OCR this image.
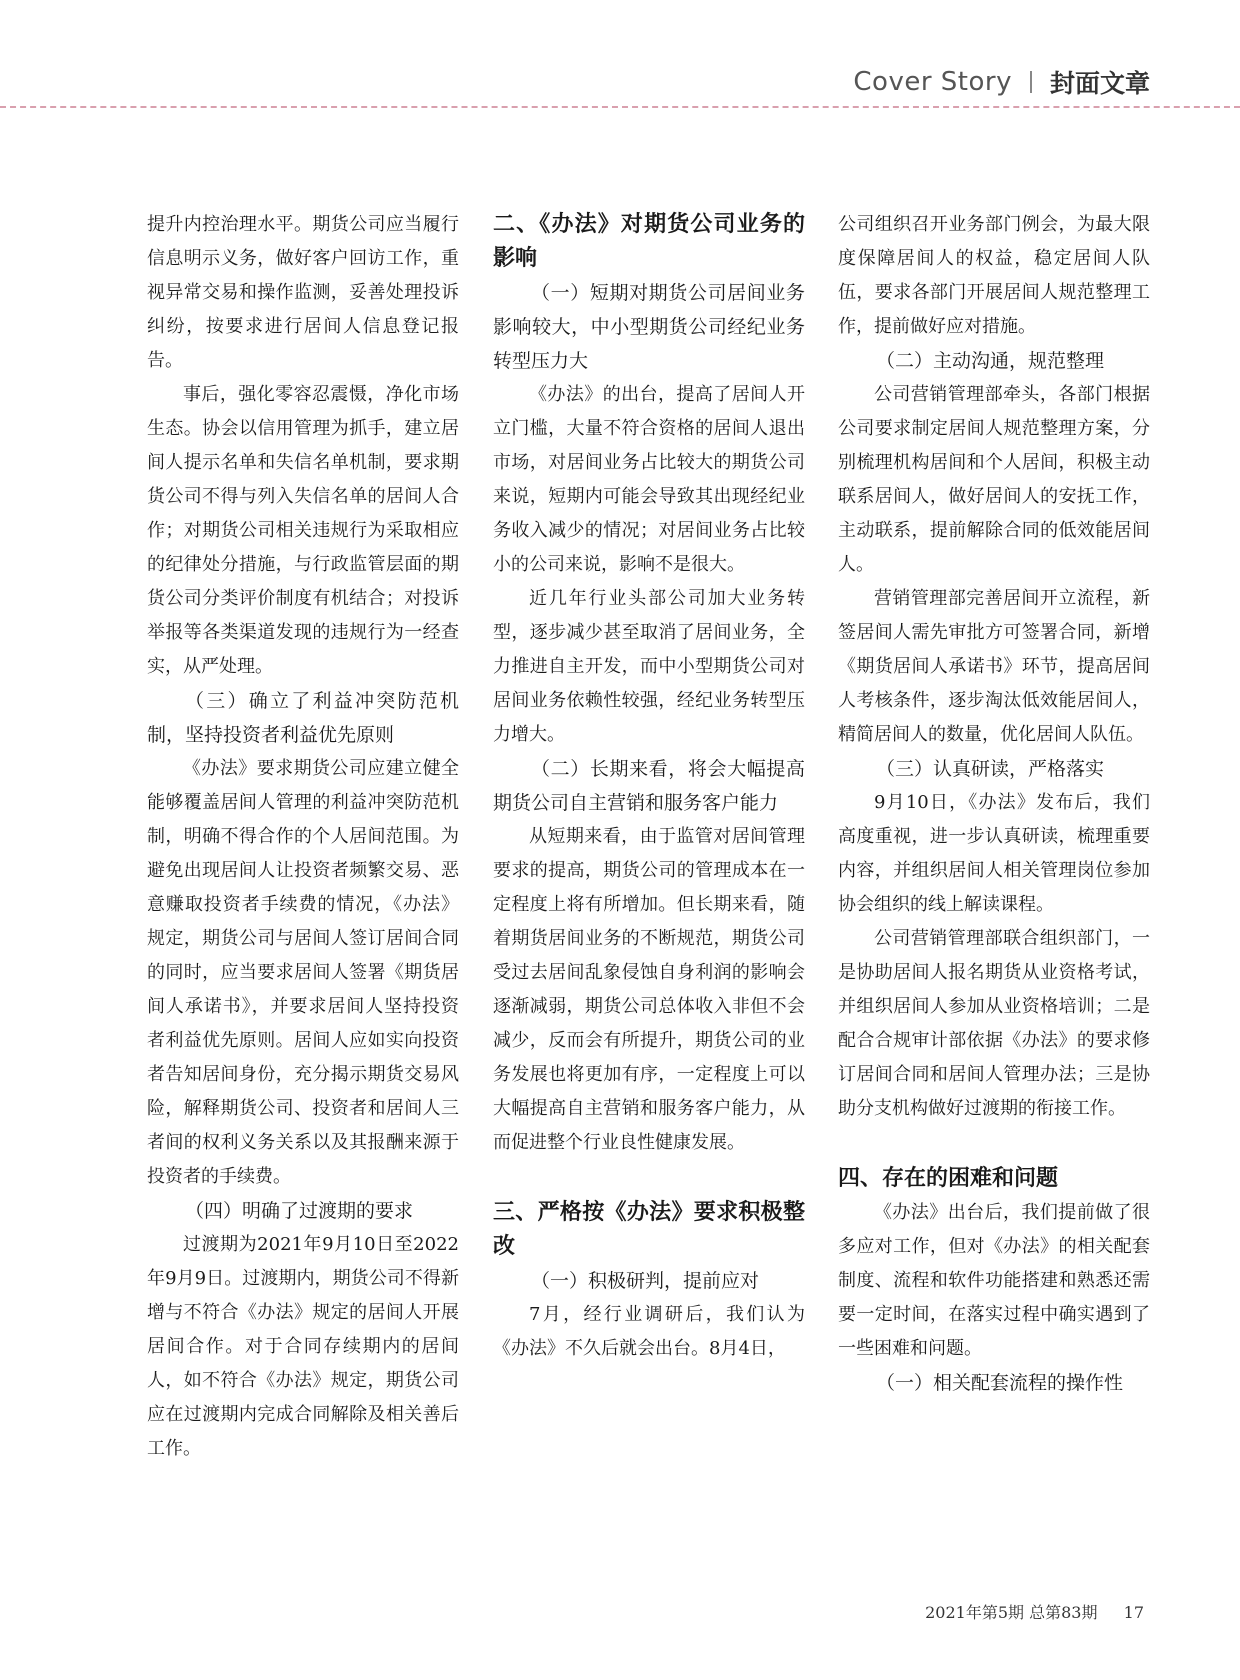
Cover Story 封面文章

提升内控治理水平。期货公司应当履行信息明示义务，做好客户回访工作，重视异常交易和操作监测，妥善处理投诉纠纷，按要求进行居间人信息登记报告。

事后，强化零容忍震慑，净化市场生态。协会以信用管理为抓手，建立居间人提示名单和失信名单机制，要求期货公司不得与列入失信名单的居间人合作；对期货公司相关违规行为采取相应的纪律处分措施，与行政监管层面的期货公司分类评价制度有机结合；对投诉举报等各类渠道发现的违规行为一经查实，从严处理。

（三）确立了利益冲突防范机制，坚持投资者利益优先原则

《办法》要求期货公司应建立健全能够覆盖居间人管理的利益冲突防范机制，明确不得合作的个人居间范围。为避免出现居间人让投资者频繁交易、恶意赚取投资者手续费的情况，《办法》规定，期货公司与居间人签订居间合同的同时，应当要求居间人签署《期货居间人承诺书》，并要求居间人坚持投资者利益优先原则。居间人应如实向投资者告知居间身份，充分揭示期货交易风险，解释期货公司、投资者和居间人三者间的权利义务关系以及其报酬来源于投资者的手续费。

（四）明确了过渡期的要求

过渡期为2021年9月10日至2022年9月9日。过渡期内，期货公司不得新增与不符合《办法》规定的居间人开展居间合作。对于合同存续期内的居间人，如不符合《办法》规定，期货公司应在过渡期内完成合同解除及相关善后工作。

二、《办法》对期货公司业务的影响

（一）短期对期货公司居间业务影响较大，中小型期货公司经纪业务转型压力大

《办法》的出台，提高了居间人开立门槛，大量不符合资格的居间人退出市场，对居间业务占比较大的期货公司来说，短期内可能会导致其出现经纪业务收入减少的情况；对居间业务占比较小的公司来说，影响不是很大。

近几年行业头部公司加大业务转型，逐步减少甚至取消了居间业务，全力推进自主开发，而中小型期货公司对居间业务依赖性较强，经纪业务转型压力增大。

（二）长期来看，将会大幅提高期货公司自主营销和服务客户能力

从短期来看，由于监管对居间管理要求的提高，期货公司的管理成本在一定程度上将有所增加。但长期来看，随着期货居间业务的不断规范，期货公司受过去居间乱象侵蚀自身利润的影响会逐渐减弱，期货公司总体收入非但不会减少，反而会有所提升，期货公司的业务发展也将更加有序，一定程度上可以大幅提高自主营销和服务客户能力，从而促进整个行业良性健康发展。

三、严格按《办法》要求积极整改

（一）积极研判，提前应对

7月，经行业调研后，我们认为《办法》不久后就会出台。8月4日，

公司组织召开业务部门例会，为最大限度保障居间人的权益，稳定居间人队伍，要求各部门开展居间人规范整理工作，提前做好应对措施。

（二）主动沟通，规范整理

公司营销管理部牵头，各部门根据公司要求制定居间人规范整理方案，分别梳理机构居间和个人居间，积极主动联系居间人，做好居间人的安抚工作，主动联系，提前解除合同的低效能居间人。

营销管理部完善居间开立流程，新签居间人需先审批方可签署合同，新增《期货居间人承诺书》环节，提高居间人考核条件，逐步淘汰低效能居间人，精简居间人的数量，优化居间人队伍。

（三）认真研读，严格落实

9月10日，《办法》发布后，我们高度重视，进一步认真研读，梳理重要内容，并组织居间人相关管理岗位参加协会组织的线上解读课程。

公司营销管理部联合组织部门，一是协助居间人报名期货从业资格考试，并组织居间人参加从业资格培训；二是配合合规审计部依据《办法》的要求修订居间合同和居间人管理办法；三是协助分支机构做好过渡期的衔接工作。

四、存在的困难和问题

《办法》出台后，我们提前做了很多应对工作，但对《办法》的相关配套制度、流程和软件功能搭建和熟悉还需要一定时间，在落实过程中确实遇到了一些困难和问题。

（一）相关配套流程的操作性

2021年第5期 总第83期 17
